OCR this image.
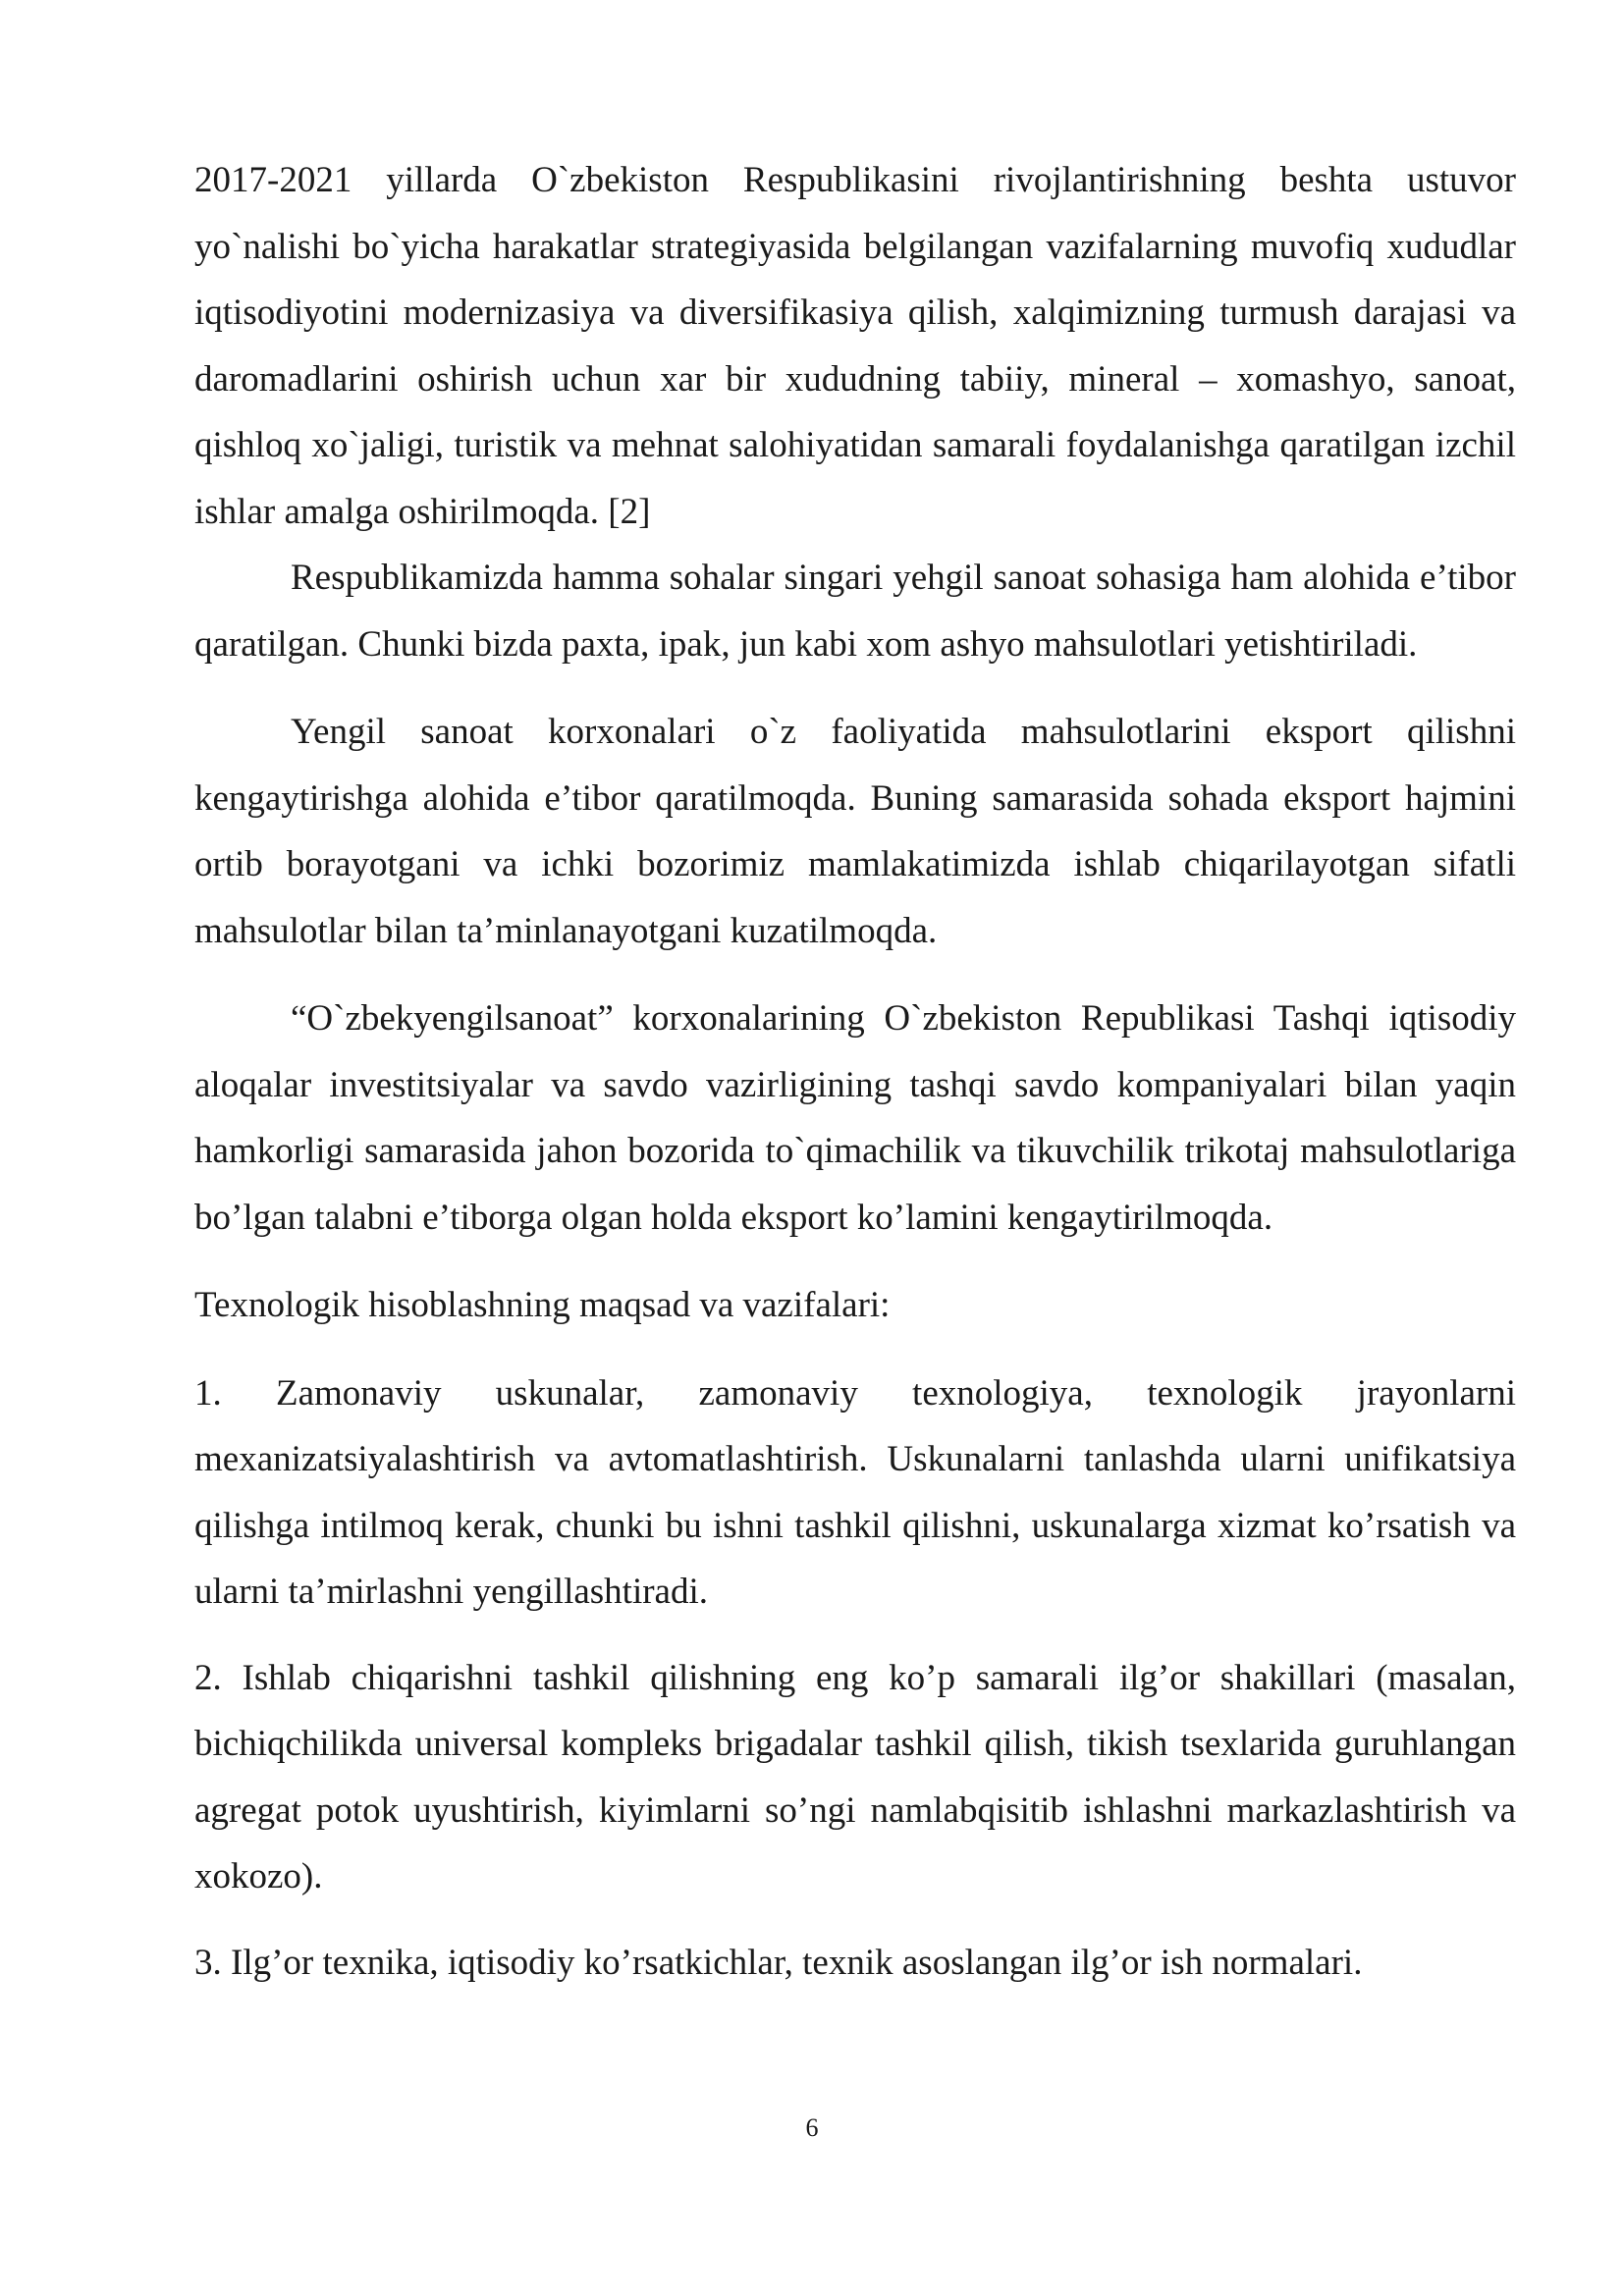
2017-2021 yillarda O`zbekiston Respublikasini rivojlantirishning beshta ustuvor yo`nalishi bo`yicha harakatlar strategiyasida belgilangan vazifalarning muvofiq xududlar iqtisodiyotini modernizasiya va diversifikasiya qilish, xalqimizning turmush darajasi va daromadlarini oshirish uchun xar bir xududning tabiiy, mineral – xomashyo, sanoat, qishloq xo`jaligi, turistik va mehnat salohiyatidan samarali foydalanishga qaratilgan izchil ishlar amalga oshirilmoqda. [2]

Respublikamizda hamma sohalar singari yehgil sanoat sohasiga ham alohida e’tibor qaratilgan. Chunki bizda paxta, ipak, jun kabi xom ashyo mahsulotlari yetishtiriladi.

Yengil sanoat korxonalari o`z faoliyatida mahsulotlarini eksport qilishni kengaytirishga alohida e’tibor qaratilmoqda. Buning samarasida sohada eksport hajmini ortib borayotgani va ichki bozorimiz mamlakatimizda ishlab chiqarilayotgan sifatli mahsulotlar bilan ta’minlanayotgani kuzatilmoqda.

“O`zbekyengilsanoat” korxonalarining O`zbekiston Republikasi Tashqi iqtisodiy aloqalar investitsiyalar va savdo vazirligining tashqi savdo kompaniyalari bilan yaqin hamkorligi samarasida jahon bozorida to`qimachilik va tikuvchilik trikotaj mahsulotlariga bo’lgan talabni e’tiborga olgan holda eksport ko’lamini kengaytirilmoqda.

Texnologik hisoblashning maqsad va vazifalari:

1. Zamonaviy uskunalar, zamonaviy texnologiya, texnologik jrayonlarni mexanizatsiyalashtirish va avtomatlashtirish. Uskunalarni tanlashda ularni unifikatsiya qilishga intilmoq kerak, chunki bu ishni tashkil qilishni, uskunalarga xizmat ko’rsatish va ularni ta’mirlashni yengillashtiradi.

2. Ishlab chiqarishni tashkil qilishning eng ko’p samarali ilg’or shakillari (masalan, bichiqchilikda universal kompleks brigadalar tashkil qilish, tikish tsexlarida guruhlangan agregat potok uyushtirish, kiyimlarni so’ngi namlabqisitib ishlashni markazlashtirish va xokozo).

3. Ilg’or texnika, iqtisodiy ko’rsatkichlar, texnik asoslangan ilg’or ish normalari.

6
